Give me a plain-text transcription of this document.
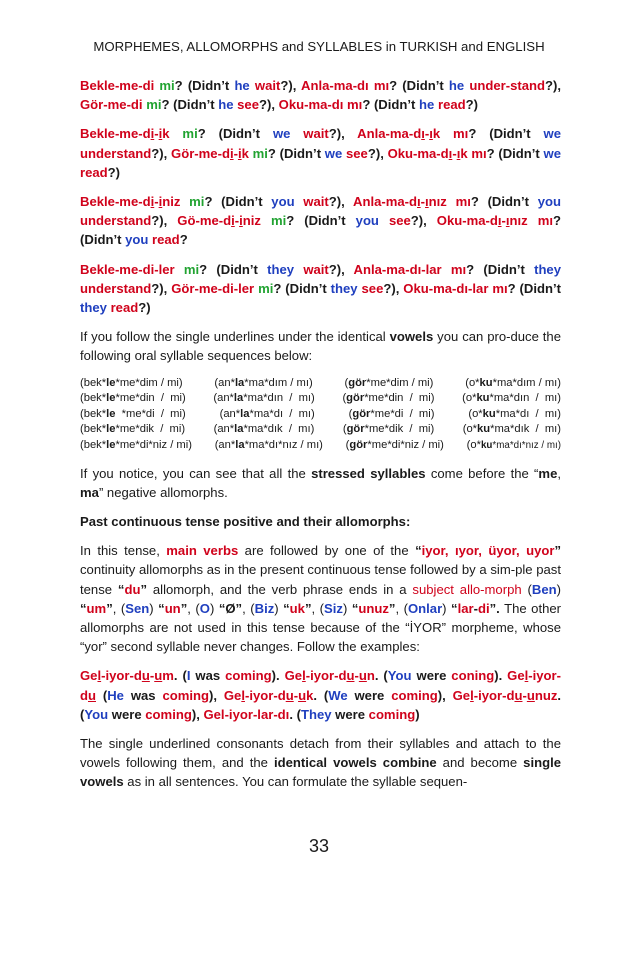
MORPHEMES, ALLOMORPHS and SYLLABLES in TURKISH and ENGLISH

Bekle-me-di mi? (Didn’t he wait?), Anla-ma-dı mı? (Didn’t he under-stand?), Gör-me-di mi? (Didn’t he see?), Oku-ma-dı mı? (Didn’t he read?)

Bekle-me-di-ik mi? (Didn’t we wait?), Anla-ma-dı-ık mı? (Didn’t we understand?), Gör-me-di-ik mi? (Didn’t we see?), Oku-ma-dı-ık mı? (Didn’t we read?)

Bekle-me-di-iniz mi? (Didn’t you wait?), Anla-ma-dı-ınız mı? (Didn’t you understand?), Gö-me-di-iniz mi? (Didn’t you see?), Oku-ma-dı-ınız mı? (Didn’t you read?

Bekle-me-di-ler mi? (Didn’t they wait?), Anla-ma-dı-lar mı? (Didn’t they understand?), Gör-me-di-ler mi? (Didn’t they see?), Oku-ma-dı-lar mı? (Didn’t they read?)

If you follow the single underlines under the identical vowels you can pro-duce the following oral syllable sequences below:

(bek*le*me*dim / mi)	(an*la*ma*dım / mı)	(gör*me*dim / mi)	(o*ku*ma*dım / mı)
(bek*le*me*din  /  mi) (an*la*ma*dın  /  mı) (gör*me*din  /  mi) (o*ku*ma*dın  /  mı)
(bek*le  *me*di  /  mi)	(an*la*ma*dı  /  mı)	(gör*me*di  /  mi)	(o*ku*ma*dı  /  mı)
(bek*le*me*dik  /  mi)	(an*la*ma*dık  /  mı)	(gör*me*dik  /  mi)	(o*ku*ma*dık  /  mı)
(bek*le*me*di*niz / mi) (an*la*ma*dı*nız / mı) (gör*me*di*niz / mi) (o*ku*ma*dı*nız / mı)

If you notice, you can see that all the stressed syllables come before the “me, ma” negative allomorphs.

Past continuous tense positive and their allomorphs:

In this tense, main verbs are followed by one of the “iyor, ıyor, üyor, uyor” continuity allomorphs as in the present continuous tense followed by a sim-ple past tense “du” allomorph, and the verb phrase ends in a subject allo-morph (Ben) “um”, (Sen) “un”, (O) “Ø”, (Biz) “uk”, (Siz) “unuz”, (Onlar) “lar-di”. The other allomorphs are not used in this tense because of the “İYOR” morpheme, whose “yor” second syllable never changes. Follow the examples:

Gel-iyor-du-um. (I was coming). Gel-iyor-du-un. (You were coning). Gel-iyor-du (He was coming), Gel-iyor-du-uk. (We were coming), Gel-iyor-du-unuz. (You were coming), Gel-iyor-lar-dı. (They were coming)

The single underlined consonants detach from their syllables and attach to the vowels following them, and the identical vowels combine and become single vowels as in all sentences. You can formulate the syllable sequen-

33
